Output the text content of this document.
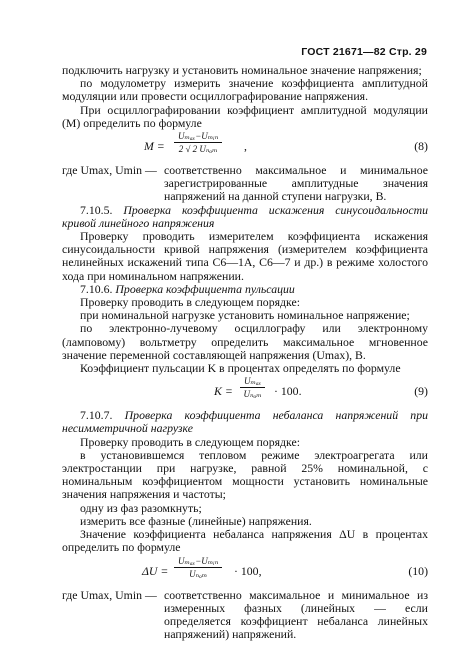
ГОСТ 21671—82 Стр. 29

подключить нагрузку и установить номинальное значение напряжения;

по модулометру измерить значение коэффициента амплитудной модуляции или провести осциллографирование напряжения.

При осциллографировании коэффициент амплитудной модуляции (M) определить по формуле

M =
Uₘₐₓ−Uₘᵢₙ
2 √ 2 Uₙₒₘ	,	(8)
где Umax, Umin — соответственно максимальное и минимальное зарегистрированные амплитудные значения напряжений на данной ступени нагрузки, В.

7.10.5. Проверка коэффициента искажения синусоидальности кривой линейного напряжения

Проверку проводить измерителем коэффициента искажения синусоидальности кривой напряжения (измерителем коэффициента нелинейных искажений типа С6—1А, С6—7 и др.) в режиме холостого хода при номинальном напряжении.

7.10.6. Проверка коэффициента пульсации

Проверку проводить в следующем порядке:

при номинальной нагрузке установить номинальное напряжение;

по электронно-лучевому осциллографу или электронному (ламповому) вольтметру определить максимальное мгновенное значение переменной составляющей напряжения (Umax), В.

Коэффициент пульсации K в процентах определять по формуле

K =
Uₘₐₓ
Uₙₒₘ · 100.	(9)

7.10.7. Проверка коэффициента небаланса напряжений при несимметричной нагрузке

Проверку проводить в следующем порядке:

в установившемся тепловом режиме электроагрегата или электростанции при нагрузке, равной 25% номинальной, с номинальным коэффициентом мощности установить номинальные значения напряжения и частоты;

одну из фаз разомкнуть;

измерить все фазные (линейные) напряжения.

Значение коэффициента небаланса напряжения ΔU в процентах определить по формуле

ΔU =
Uₘₐₓ−Uₘᵢₙ
Uₙₒₘ	· 100,	(10)
где Umax, Umin — соответственно максимальное и минимальное из измеренных фазных (линейных — если определяется коэффициент небаланса линейных напряжений) напряжений.
